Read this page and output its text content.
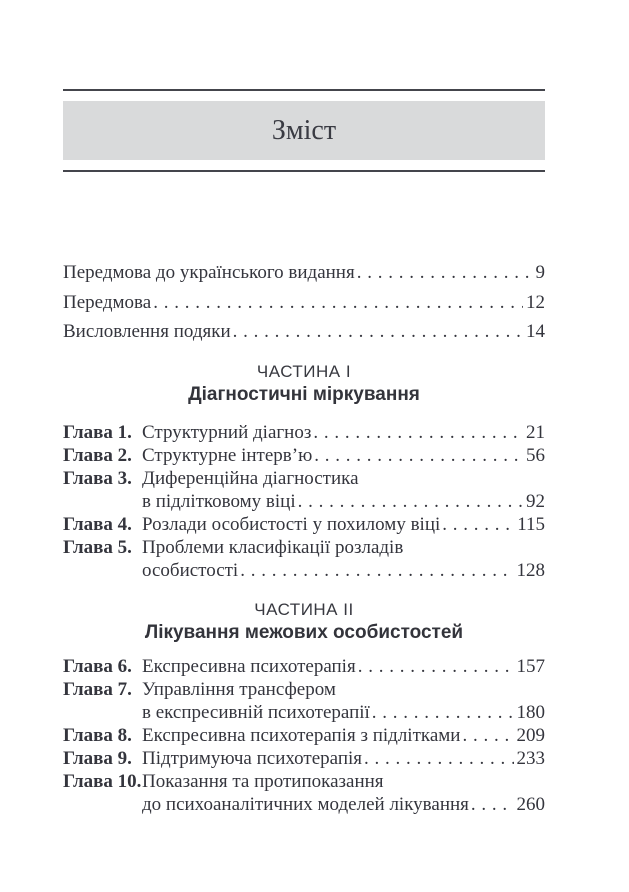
Зміст
Передмова до українського видання . . .	9
Передмова . . .	12
Висловлення подяки . . .	14
ЧАСТИНА I
Діагностичні міркування
Глава 1. Структурний діагноз . . .	21
Глава 2. Структурне інтерв’ю . . .	56
Глава 3. Диференційна діагностика
в підлітковому віці . . .	92
Глава 4. Розлади особистості у похилому віці . . .	115
Глава 5. Проблеми класифікації розладів
особистості . . .	128
ЧАСТИНА II
Лікування межових особистостей
Глава 6. Експресивна психотерапія . . .	157
Глава 7. Управління трансфером
в експресивній психотерапії . . .	180
Глава 8. Експресивна психотерапія з підлітками . . .	209
Глава 9. Підтримуюча психотерапія . . .	233
Глава 10. Показання та протипоказання
до психоаналітичних моделей лікування . . .	260
